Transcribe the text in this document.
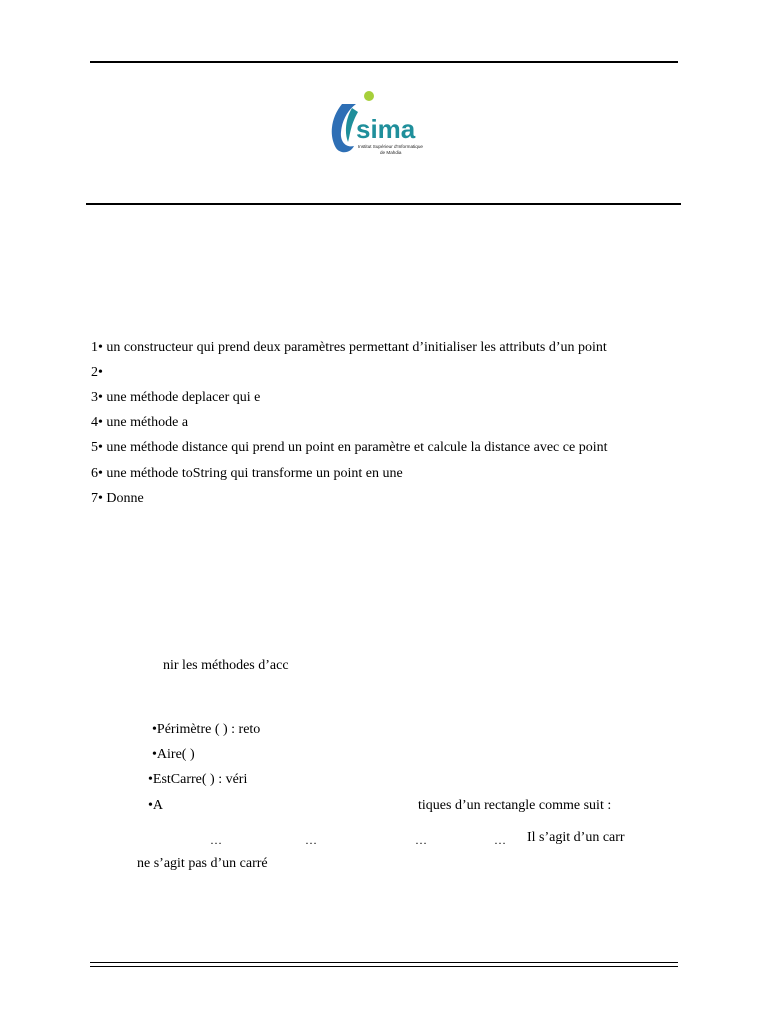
sima
Institut Supérieur d'Informatique
de Mahdia
1• un constructeur qui prend deux paramètres permettant d’initialiser les attributs d’un point
2•
3• une méthode deplacer qui e
4• une méthode a
5• une méthode distance qui prend un point en paramètre et calcule la distance avec ce point
6• une méthode toString qui transforme un point en une
7• Donne
nir les méthodes d’acc
•Périmètre ( ) : reto
•Aire( )
•EstCarre( ) : véri
•A	tiques d’un rectangle comme suit :
…	…	…	… Il s’agit d’un carr
ne s’agit pas d’un carré
